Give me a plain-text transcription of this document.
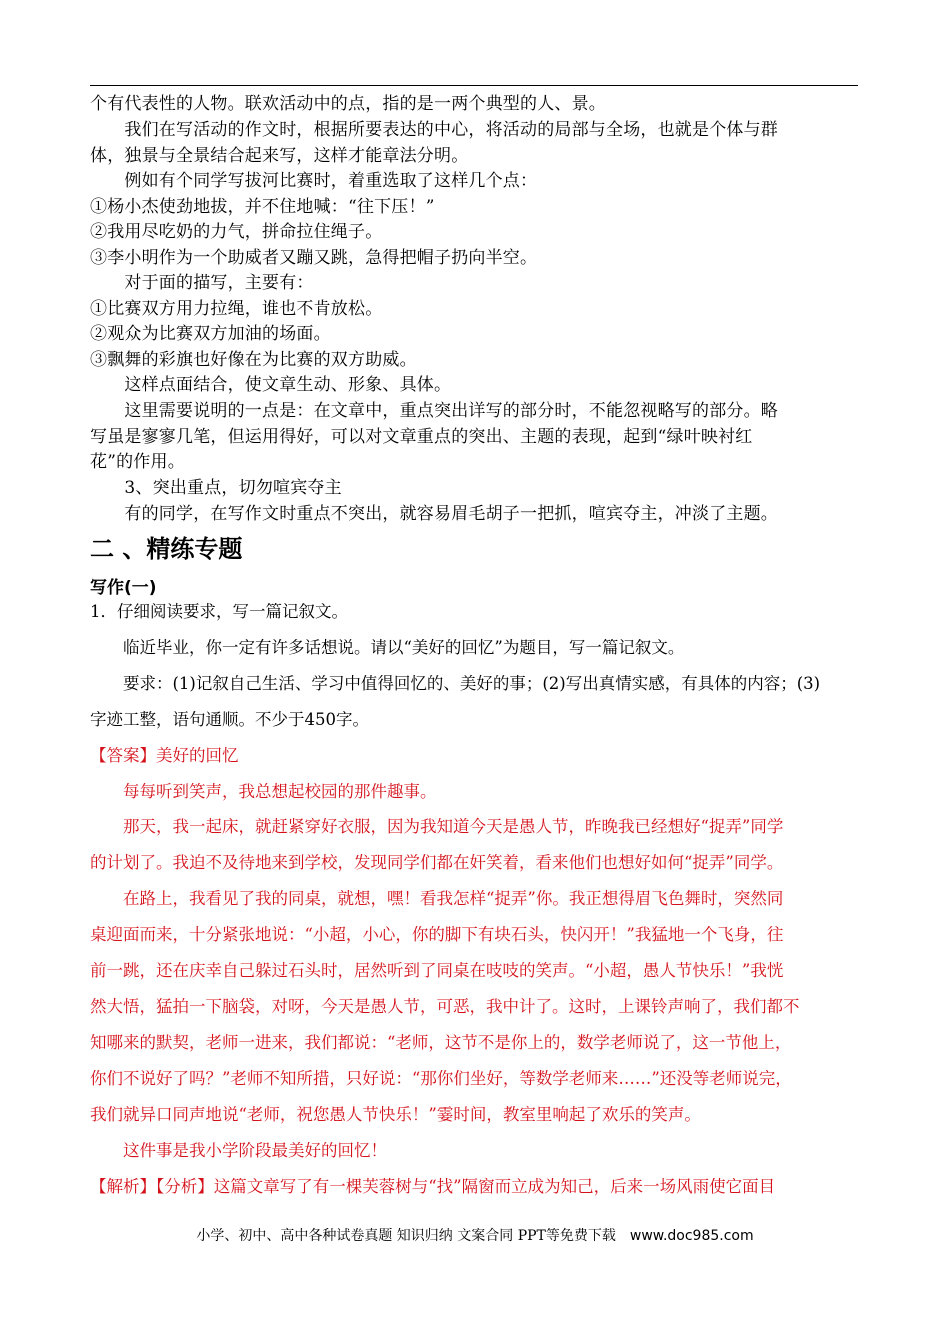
个有代表性的人物。联欢活动中的点，指的是一两个典型的人、景。
　　我们在写活动的作文时，根据所要表达的中心，将活动的局部与全场，也就是个体与群
体，独景与全景结合起来写，这样才能章法分明。
　　例如有个同学写拔河比赛时，着重选取了这样几个点：
①杨小杰使劲地拔，并不住地喊：“往下压！”
②我用尽吃奶的力气，拼命拉住绳子。
③李小明作为一个助威者又蹦又跳，急得把帽子扔向半空。
　　对于面的描写，主要有：
①比赛双方用力拉绳，谁也不肯放松。
②观众为比赛双方加油的场面。
③飘舞的彩旗也好像在为比赛的双方助威。
　　这样点面结合，使文章生动、形象、具体。
　　这里需要说明的一点是：在文章中，重点突出详写的部分时，不能忽视略写的部分。略
写虽是寥寥几笔，但运用得好，可以对文章重点的突出、主题的表现，起到“绿叶映衬红
花”的作用。
　　3、突出重点，切勿喧宾夺主
　　有的同学，在写作文时重点不突出，就容易眉毛胡子一把抓，喧宾夺主，冲淡了主题。
二 、精练专题
写作(一)
1．仔细阅读要求，写一篇记叙文。
　　临近毕业，你一定有许多话想说。请以“美好的回忆”为题目，写一篇记叙文。
　　要求：(1)记叙自己生活、学习中值得回忆的、美好的事；(2)写出真情实感，有具体的内容；(3)
字迹工整，语句通顺。不少于450字。
【答案】美好的回忆
　　每每听到笑声，我总想起校园的那件趣事。
　　那天，我一起床，就赶紧穿好衣服，因为我知道今天是愚人节，昨晚我已经想好“捉弄”同学
的计划了。我迫不及待地来到学校，发现同学们都在奸笑着，看来他们也想好如何“捉弄”同学。
　　在路上，我看见了我的同桌，就想，嘿！看我怎样“捉弄”你。我正想得眉飞色舞时，突然同
桌迎面而来，十分紧张地说：“小超，小心，你的脚下有块石头，快闪开！”我猛地一个飞身，往
前一跳，还在庆幸自己躲过石头时，居然听到了同桌在吱吱的笑声。“小超，愚人节快乐！”我恍
然大悟，猛拍一下脑袋，对呀，今天是愚人节，可恶，我中计了。这时，上课铃声响了，我们都不
知哪来的默契，老师一进来，我们都说：“老师，这节不是你上的，数学老师说了，这一节他上，
你们不说好了吗？”老师不知所措，只好说：“那你们坐好，等数学老师来……”还没等老师说完，
我们就异口同声地说“老师，祝您愚人节快乐！”霎时间，教室里响起了欢乐的笑声。
　　这件事是我小学阶段最美好的回忆！
【解析】【分析】这篇文章写了有一棵芙蓉树与“找”隔窗而立成为知己，后来一场风雨使它面目
小学、初中、高中各种试卷真题 知识归纳 文案合同 PPT等免费下载 www.doc985.com
